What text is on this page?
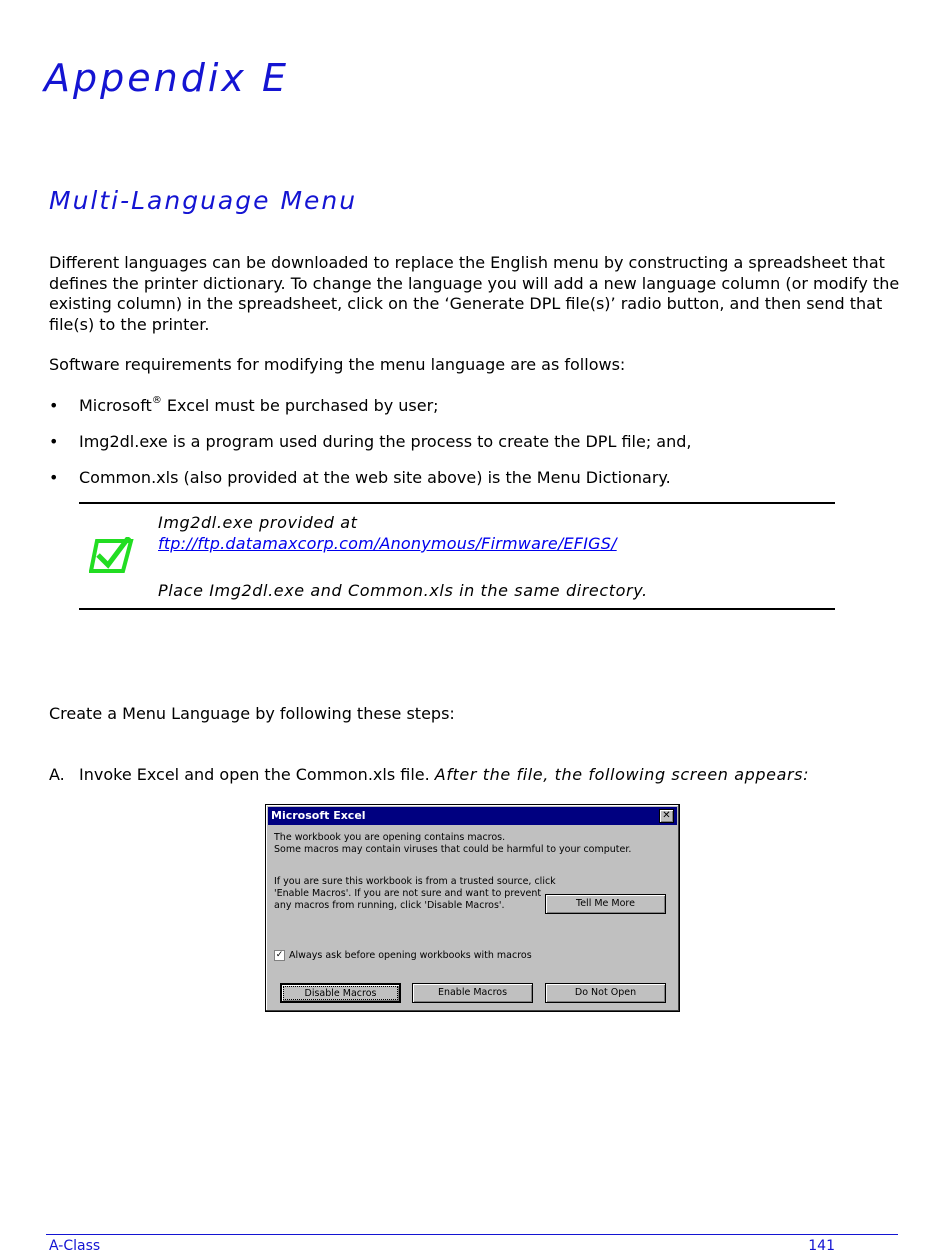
Appendix E
Multi-Language Menu

Different languages can be downloaded to replace the English menu by constructing a spreadsheet that defines the printer dictionary. To change the language you will add a new language column (or modify the existing column) in the spreadsheet, click on the ‘Generate DPL file(s)’ radio button, and then send that file(s) to the printer.

Software requirements for modifying the menu language are as follows:

• Microsoft® Excel must be purchased by user;
• Img2dl.exe is a program used during the process to create the DPL file; and,
• Common.xls (also provided at the web site above) is the Menu Dictionary.
Img2dl.exe provided at
ftp://ftp.datamaxcorp.com/Anonymous/Firmware/EFIGS/
Place Img2dl.exe and Common.xls in the same directory.
Create a Menu Language by following these steps:
A. Invoke Excel and open the Common.xls file. After the file, the following screen appears:
Microsoft Excel	✕
The workbook you are opening contains macros.
Some macros may contain viruses that could be harmful to your computer.
If you are sure this workbook is from a trusted source, click
'Enable Macros'. If you are not sure and want to prevent
any macros from running, click 'Disable Macros'.	Tell Me More
✓ Always ask before opening workbooks with macros
Disable Macros	Enable Macros	Do Not Open
A-Class	141
